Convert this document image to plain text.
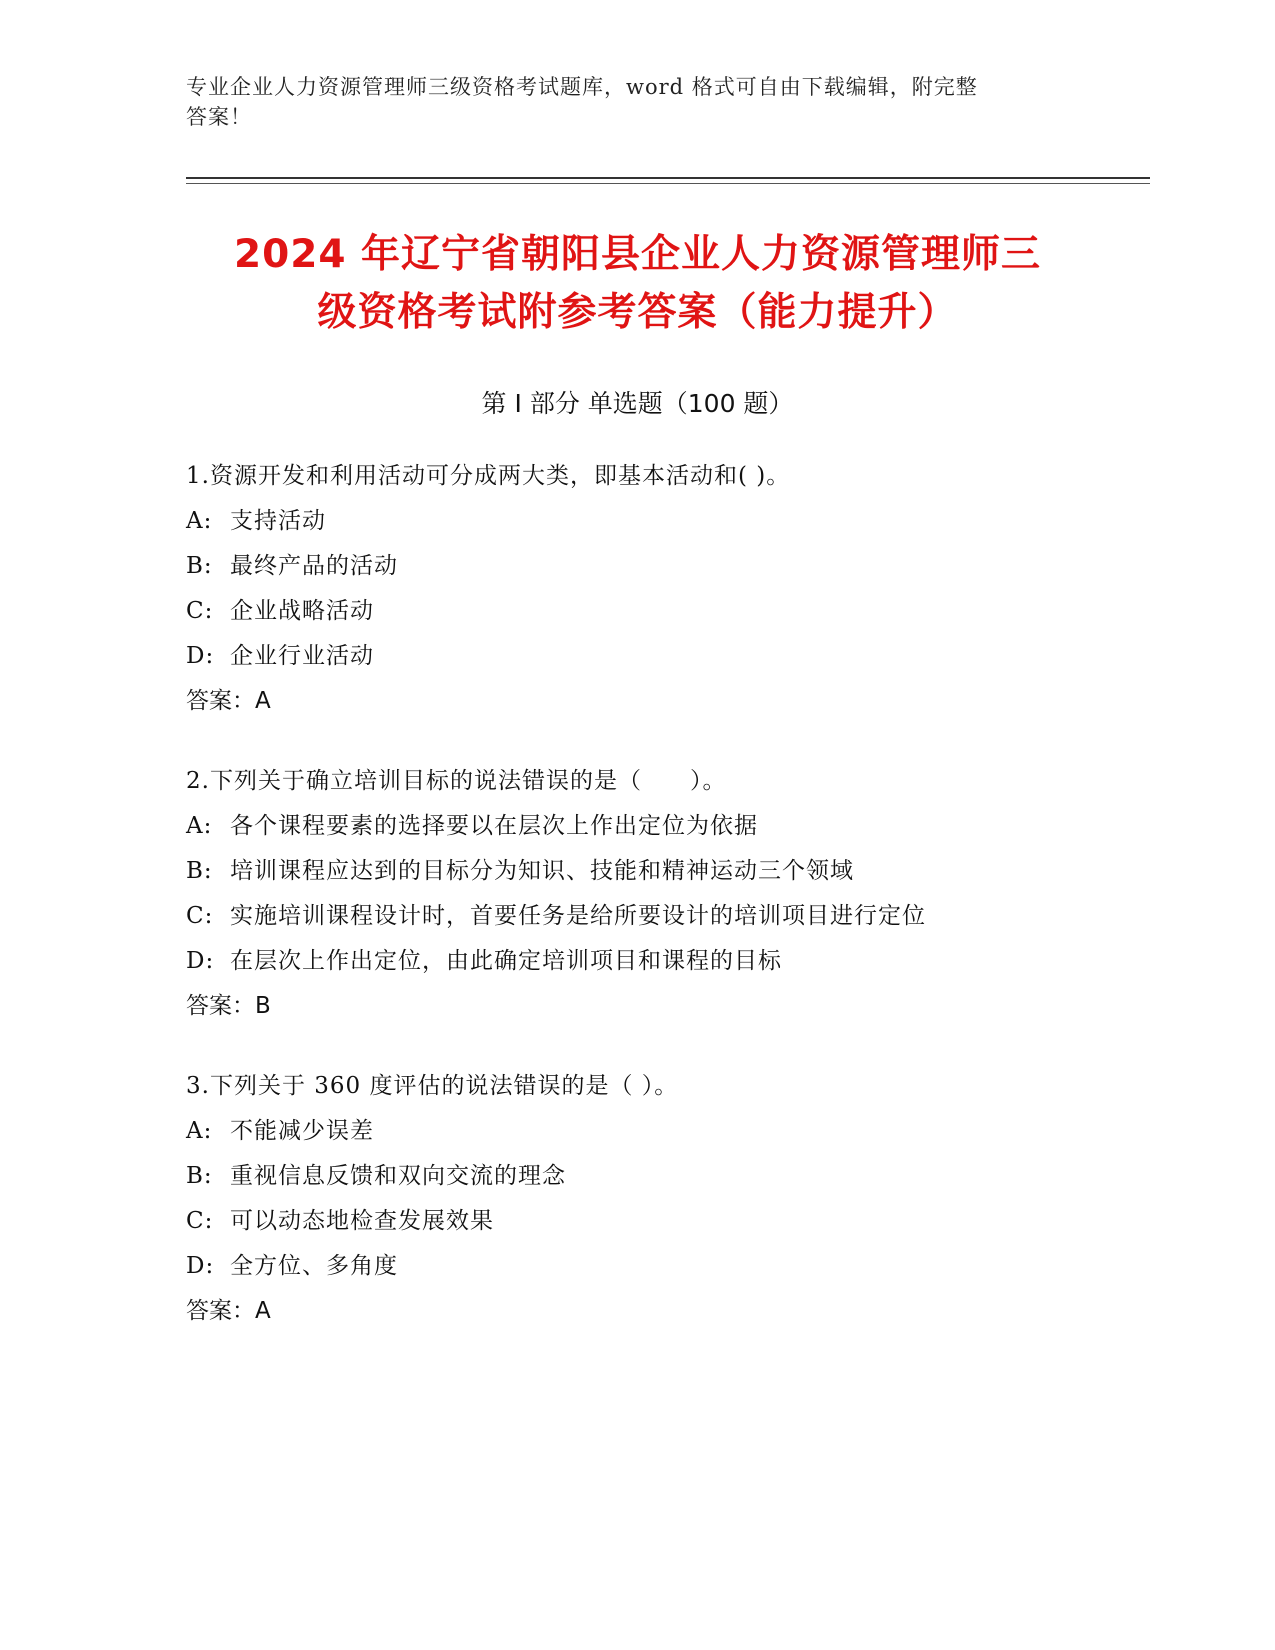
专业企业人力资源管理师三级资格考试题库，word 格式可自由下载编辑，附完整
答案！
2024 年辽宁省朝阳县企业人力资源管理师三
级资格考试附参考答案（能力提升）
第 I 部分 单选题（100 题）
1.资源开发和利用活动可分成两大类，即基本活动和( )。
A: 支持活动
B: 最终产品的活动
C: 企业战略活动
D: 企业行业活动
答案：A
2.下列关于确立培训目标的说法错误的是（　　）。
A: 各个课程要素的选择要以在层次上作出定位为依据
B: 培训课程应达到的目标分为知识、技能和精神运动三个领域
C: 实施培训课程设计时，首要任务是给所要设计的培训项目进行定位
D: 在层次上作出定位，由此确定培训项目和课程的目标
答案：B
3.下列关于 360 度评估的说法错误的是（ ）。
A: 不能减少误差
B: 重视信息反馈和双向交流的理念
C: 可以动态地检查发展效果
D: 全方位、多角度
答案：A
